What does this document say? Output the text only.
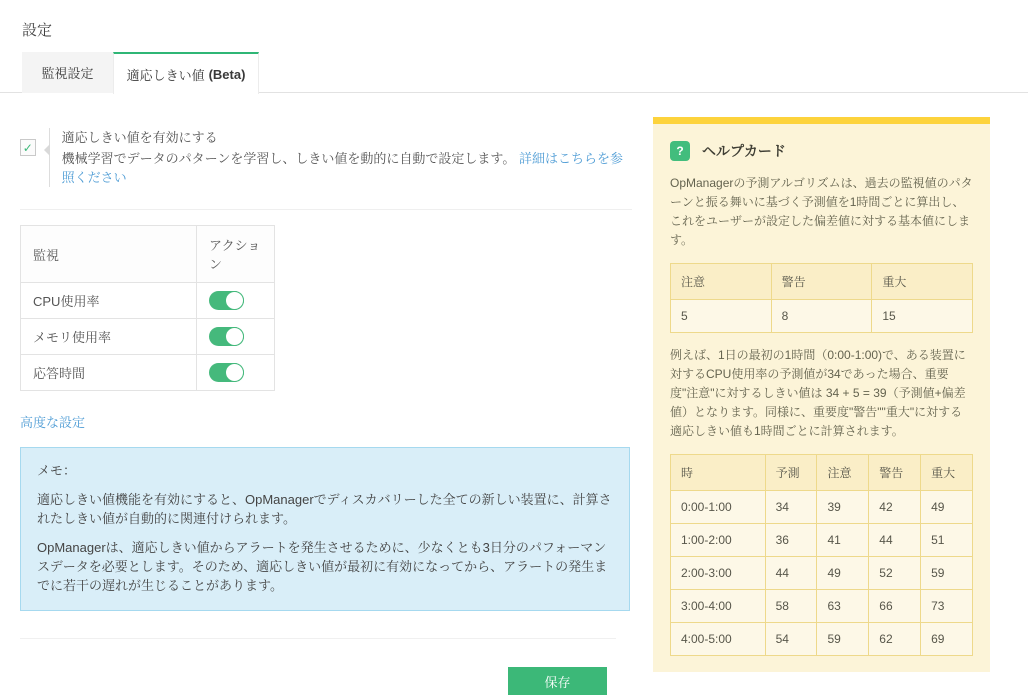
設定
監視設定	適応しきい値 (Beta)
✓
適応しきい値を有効にする
機械学習でデータのパターンを学習し、しきい値を動的に自動で設定します。 詳細はこちらを参照ください
監視	アクション
CPU使用率	

メモリ使用率	

応答時間	
高度な設定

メモ：

適応しきい値機能を有効にすると、OpManagerでディスカバリーした全ての新しい装置に、計算されたしきい値が自動的に関連付けられます。

OpManagerは、適応しきい値からアラートを発生させるために、少なくとも3日分のパフォーマンスデータを必要とします。そのため、適応しきい値が最初に有効になってから、アラートの発生までに若干の遅れが生じることがあります。

保存
?	ヘルプカード
OpManagerの予測アルゴリズムは、過去の監視値のパターンと振る舞いに基づく予測値を1時間ごとに算出し、これをユーザーが設定した偏差値に対する基本値にします。
注意	警告	重大
5	8	15
例えば、1日の最初の1時間（0:00-1:00)で、ある装置に対するCPU使用率の予測値が34であった場合、重要度"注意"に対するしきい値は 34 + 5 = 39（予測値+偏差値）となります。同様に、重要度"警告""重大"に対する適応しきい値も1時間ごとに計算されます。
時	予測	注意	警告	重大
0:00-1:00	34	39	42	49
1:00-2:00	36	41	44	51
2:00-3:00	44	49	52	59
3:00-4:00	58	63	66	73
4:00-5:00	54	59	62	69
